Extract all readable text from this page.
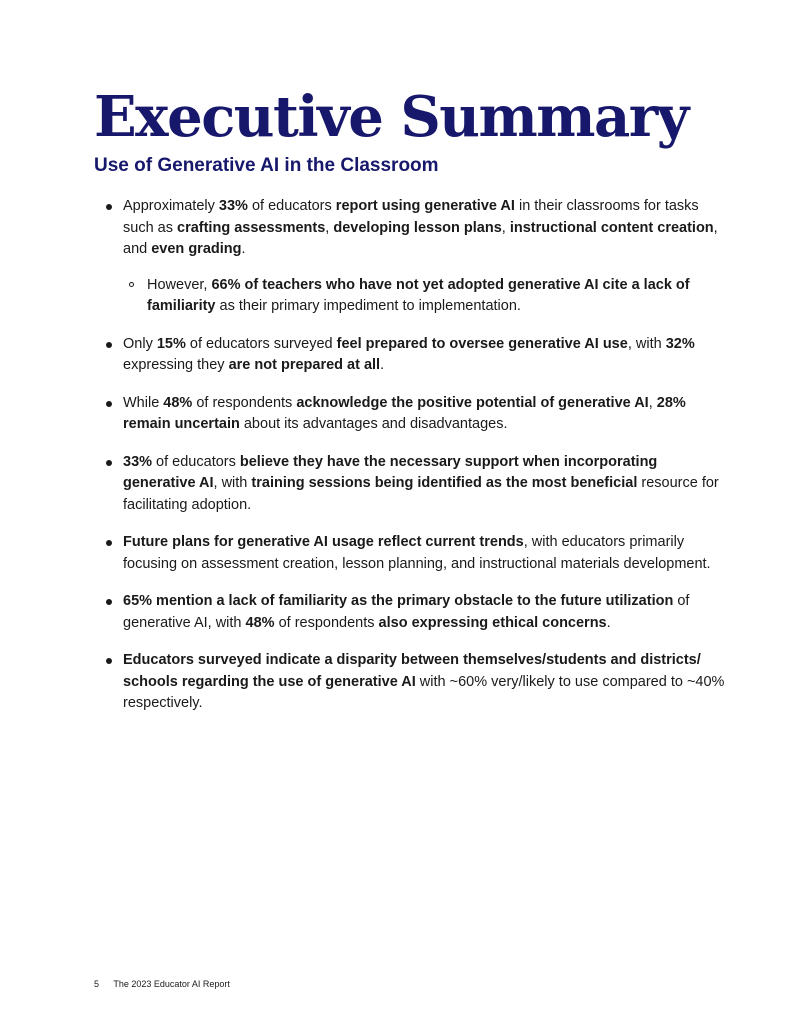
Executive Summary
Use of Generative AI in the Classroom
Approximately 33% of educators report using generative AI in their classrooms for tasks such as crafting assessments, developing lesson plans, instructional content creation, and even grading.
However, 66% of teachers who have not yet adopted generative AI cite a lack of familiarity as their primary impediment to implementation.
Only 15% of educators surveyed feel prepared to oversee generative AI use, with 32% expressing they are not prepared at all.
While 48% of respondents acknowledge the positive potential of generative AI, 28% remain uncertain about its advantages and disadvantages.
33% of educators believe they have the necessary support when incorporating generative AI, with training sessions being identified as the most beneficial resource for facilitating adoption.
Future plans for generative AI usage reflect current trends, with educators primarily focusing on assessment creation, lesson planning, and instructional materials development.
65% mention a lack of familiarity as the primary obstacle to the future utilization of generative AI, with 48% of respondents also expressing ethical concerns.
Educators surveyed indicate a disparity between themselves/students and districts/ schools regarding the use of generative AI with ~60% very/likely to use compared to ~40% respectively.
5 The 2023 Educator AI Report
